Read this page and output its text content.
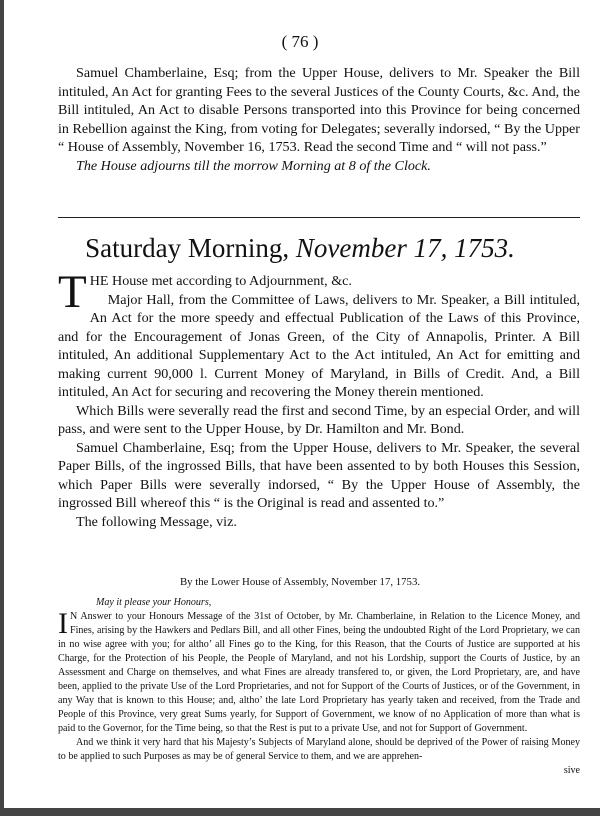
( 76 )

Samuel Chamberlaine, Esq; from the Upper House, delivers to Mr. Speaker the Bill intituled, An Act for granting Fees to the several Justices of the County Courts, &c. And, the Bill intituled, An Act to disable Persons transported into this Province for being concerned in Rebellion against the King, from voting for Delegates; severally indorsed, “ By the Upper “ House of Assembly, November 16, 1753. Read the second Time and “ will not pass.”

The House adjourns till the morrow Morning at 8 of the Clock.

Saturday Morning, November 17, 1753.

T HE House met according to Adjournment, &c.

Major Hall, from the Committee of Laws, delivers to Mr. Speaker, a Bill intituled, An Act for the more speedy and effectual Publication of the Laws of this Province, and for the Encouragement of Jonas Green, of the City of Annapolis, Printer. A Bill intituled, An additional Supplementary Act to the Act intituled, An Act for emitting and making current 90,000 l. Current Money of Maryland, in Bills of Credit. And, a Bill intituled, An Act for securing and recovering the Money therein mentioned.

Which Bills were severally read the first and second Time, by an especial Order, and will pass, and were sent to the Upper House, by Dr. Hamilton and Mr. Bond.

Samuel Chamberlaine, Esq; from the Upper House, delivers to Mr. Speaker, the several Paper Bills, of the ingrossed Bills, that have been assented to by both Houses this Session, which Paper Bills were severally indorsed, “ By the Upper House of Assembly, the ingrossed Bill whereof this “ is the Original is read and assented to.”

The following Message, viz.

By the Lower House of Assembly, November 17, 1753.

May it please your Honours,

I N Answer to your Honours Message of the 31st of October, by Mr. Chamberlaine, in Relation to the Licence Money, and Fines, arising by the Hawkers and Pedlars Bill, and all other Fines, being the undoubted Right of the Lord Proprietary, we can in no wise agree with you; for altho’ all Fines go to the King, for this Reason, that the Courts of Justice are supported at his Charge, for the Protection of his People, the People of Maryland, and not his Lordship, support the Courts of Justice, by an Assessment and Charge on themselves, and what Fines are already transfered to, or given, the Lord Proprietary, are, and have been, applied to the private Use of the Lord Proprietaries, and not for Support of the Courts of Justices, or of the Government, in any Way that is known to this House; and, altho’ the late Lord Proprietary has yearly taken and received, from the Trade and People of this Province, very great Sums yearly, for Support of Government, we know of no Application of more than what is paid to the Governor, for the Time being, so that the Rest is put to a private Use, and not for Support of Government.

And we think it very hard that his Majesty’s Subjects of Maryland alone, should be deprived of the Power of raising Money to be applied to such Purposes as may be of general Service to them, and we are apprehen-

sive
